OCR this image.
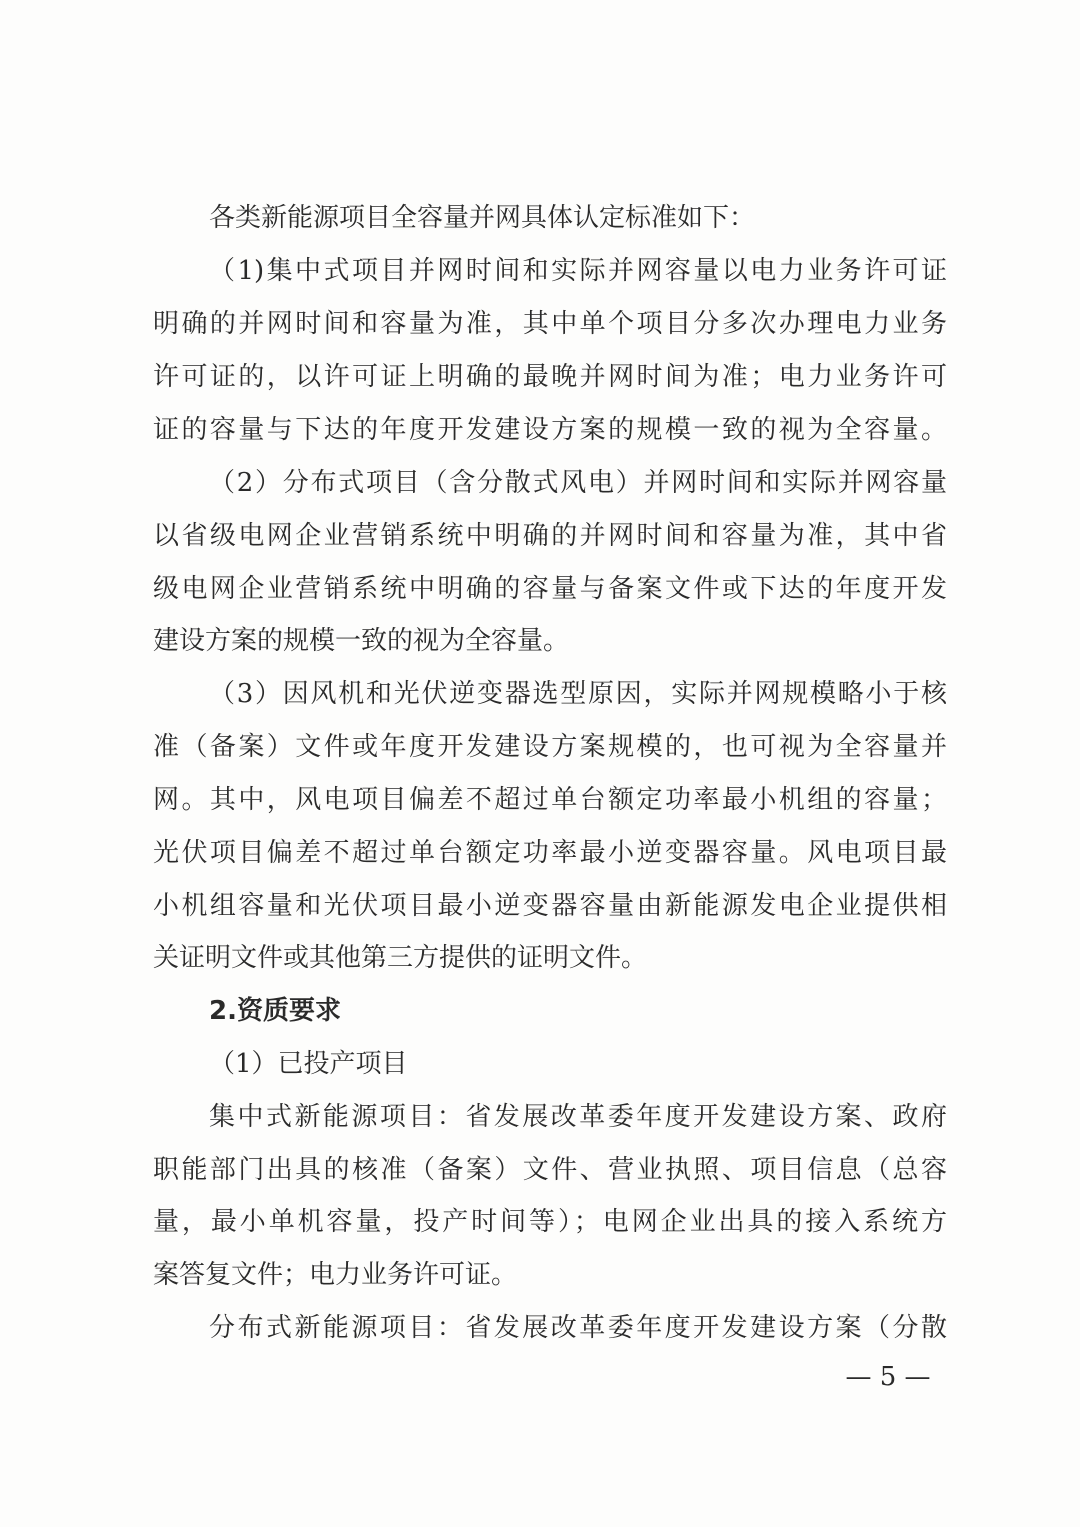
各类新能源项目全容量并网具体认定标准如下：
（1)集中式项目并网时间和实际并网容量以电力业务许可证
明确的并网时间和容量为准，其中单个项目分多次办理电力业务
许可证的，以许可证上明确的最晚并网时间为准；电力业务许可
证的容量与下达的年度开发建设方案的规模一致的视为全容量。
（2）分布式项目（含分散式风电）并网时间和实际并网容量
以省级电网企业营销系统中明确的并网时间和容量为准，其中省
级电网企业营销系统中明确的容量与备案文件或下达的年度开发
建设方案的规模一致的视为全容量。
（3）因风机和光伏逆变器选型原因，实际并网规模略小于核
准（备案）文件或年度开发建设方案规模的，也可视为全容量并
网。其中，风电项目偏差不超过单台额定功率最小机组的容量；
光伏项目偏差不超过单台额定功率最小逆变器容量。风电项目最
小机组容量和光伏项目最小逆变器容量由新能源发电企业提供相
关证明文件或其他第三方提供的证明文件。
2.资质要求
（1）已投产项目
集中式新能源项目：省发展改革委年度开发建设方案、政府
职能部门出具的核准（备案）文件、营业执照、项目信息（总容
量，最小单机容量，投产时间等）；电网企业出具的接入系统方
案答复文件；电力业务许可证。
分布式新能源项目：省发展改革委年度开发建设方案（分散
— 5 —
